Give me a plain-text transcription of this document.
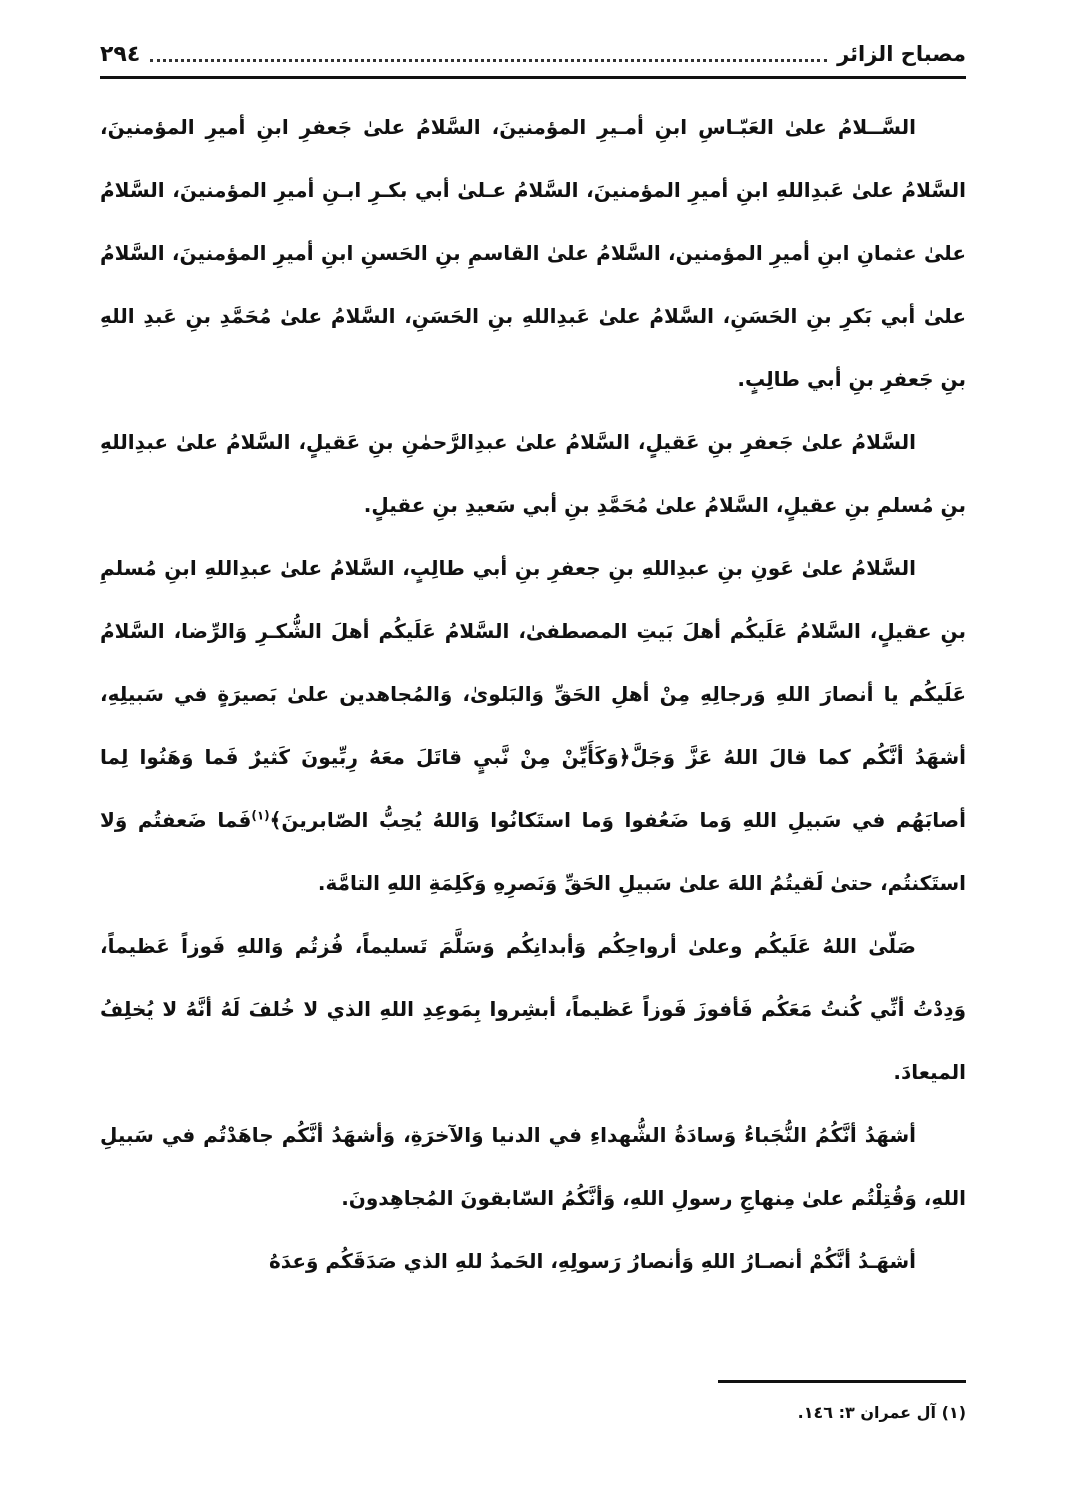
مصباح الزائر
٢٩٤

السَّــلامُ علىٰ العَبّـاسِ ابنِ أمـيرِ المؤمنينَ، السَّلامُ علىٰ جَعفرِ ابنِ أميرِ المؤمنينَ، السَّلامُ علىٰ عَبدِاللهِ ابنِ أميرِ المؤمنينَ، السَّلامُ عـلىٰ أبي بكـرِ ابـنِ أميرِ المؤمنينَ، السَّلامُ علىٰ عثمانِ ابنِ أميرِ المؤمنين، السَّلامُ علىٰ القاسمِ بنِ الحَسنِ ابنِ أميرِ المؤمنينَ، السَّلامُ علىٰ أبي بَكرِ بنِ الحَسَنِ، السَّلامُ علىٰ عَبدِاللهِ بنِ الحَسَنِ، السَّلامُ علىٰ مُحَمَّدِ بنِ عَبدِ اللهِ بنِ جَعفرِ بنِ أبي طالِبٍ.

السَّلامُ علىٰ جَعفرِ بنِ عَقيلٍ، السَّلامُ علىٰ عبدِالرَّحمٰنِ بنِ عَقيلٍ، السَّلامُ علىٰ عبدِاللهِ بنِ مُسلمِ بنِ عقيلٍ، السَّلامُ علىٰ مُحَمَّدِ بنِ أبي سَعيدِ بنِ عقيلٍ.

السَّلامُ علىٰ عَونِ بنِ عبدِاللهِ بنِ جعفرِ بنِ أبي طالِبٍ، السَّلامُ علىٰ عبدِاللهِ ابنِ مُسلمِ بنِ عقيلٍ، السَّلامُ عَلَيكُم أهلَ بَيتِ المصطفىٰ، السَّلامُ عَلَيكُم أهلَ الشُّكـرِ وَالرِّضا، السَّلامُ عَلَيكُم يا أنصارَ اللهِ وَرجالِهِ مِنْ أهلِ الحَقِّ وَالبَلوىٰ، وَالمُجاهدين علىٰ بَصيرَةٍ في سَبيلِهِ، أشهَدُ أنَّكُم كما قالَ اللهُ عَزَّ وَجَلَّ﴿وَكَأَيِّنْ مِنْ نَّبيٍ قاتَلَ معَهُ رِبِّيونَ كَثيرٌ فَما وَهَنُوا لِما أصابَهُم في سَبيلِ اللهِ وَما ضَعُفوا وَما استَكانُوا وَاللهُ يُحِبُّ الصّابرينَ﴾$^{(١)}$فَما ضَعفتُم وَلا استَكنتُم، حتىٰ لَقيتُمُ اللهَ علىٰ سَبيلِ الحَقِّ وَنَصرِهِ وَكَلِمَةِ اللهِ التامَّة.

صَلّىٰ اللهُ عَلَيكُم وعلىٰ أرواحِكُم وَأبدانِكُم وَسَلَّمَ تَسليماً، فُزتُم وَاللهِ فَوزاً عَظيماً، وَدِدْتُ أنِّي كُنتُ مَعَكُم فَأفوزَ فَوزاً عَظيماً، أبشِروا بِمَوعِدِ اللهِ الذي لا خُلفَ لَهُ أنَّهُ لا يُخلِفُ الميعادَ.

أشهَدُ أنَّكُمُ النُّجَباءُ وَسادَةُ الشُّهداءِ في الدنيا وَالآخرَةِ، وَأشهَدُ أنَّكُم جاهَدْتُم في سَبيلِ اللهِ، وَقُتِلْتُم علىٰ مِنهاجِ رسولِ اللهِ، وَأنَّكُمُ السّابقونَ المُجاهِدونَ.

أشهَـدُ أنَّكُمْ أنصـارُ اللهِ وَأنصارُ رَسولِهِ، الحَمدُ للهِ الذي صَدَقَكُم وَعدَهُ

(١) آل عمران ٣: ١٤٦.
